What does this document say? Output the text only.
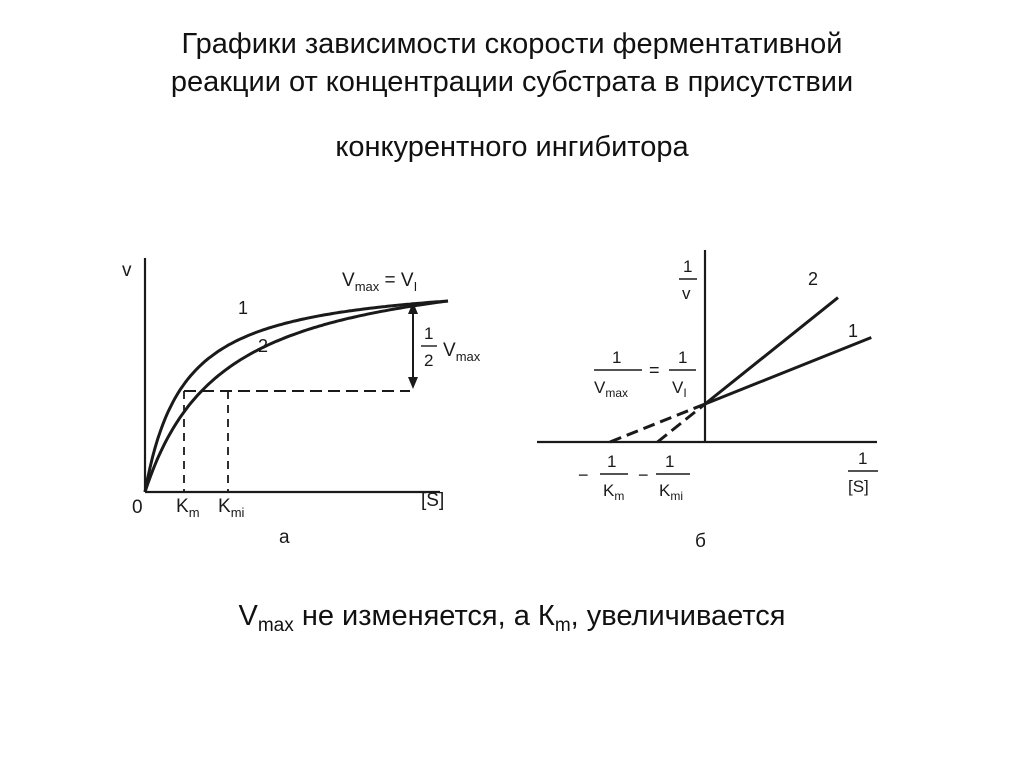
Графики зависимости скорости ферментативной
реакции от концентрации субстрата в присутствии
конкурентного ингибитора
v
0	[S]
$K_m$ $K_{mi}$
1
2
$V_{max} = V_I$
1
2 $V_{max}$
а
1
v
1
[S]
1
$V_{max}$
=
1
$V_I$
−
1
$K_m$
−
1
$K_{mi}$
2
1
б
$V_{max}$ не изменяется, а $К_m$, увеличивается
